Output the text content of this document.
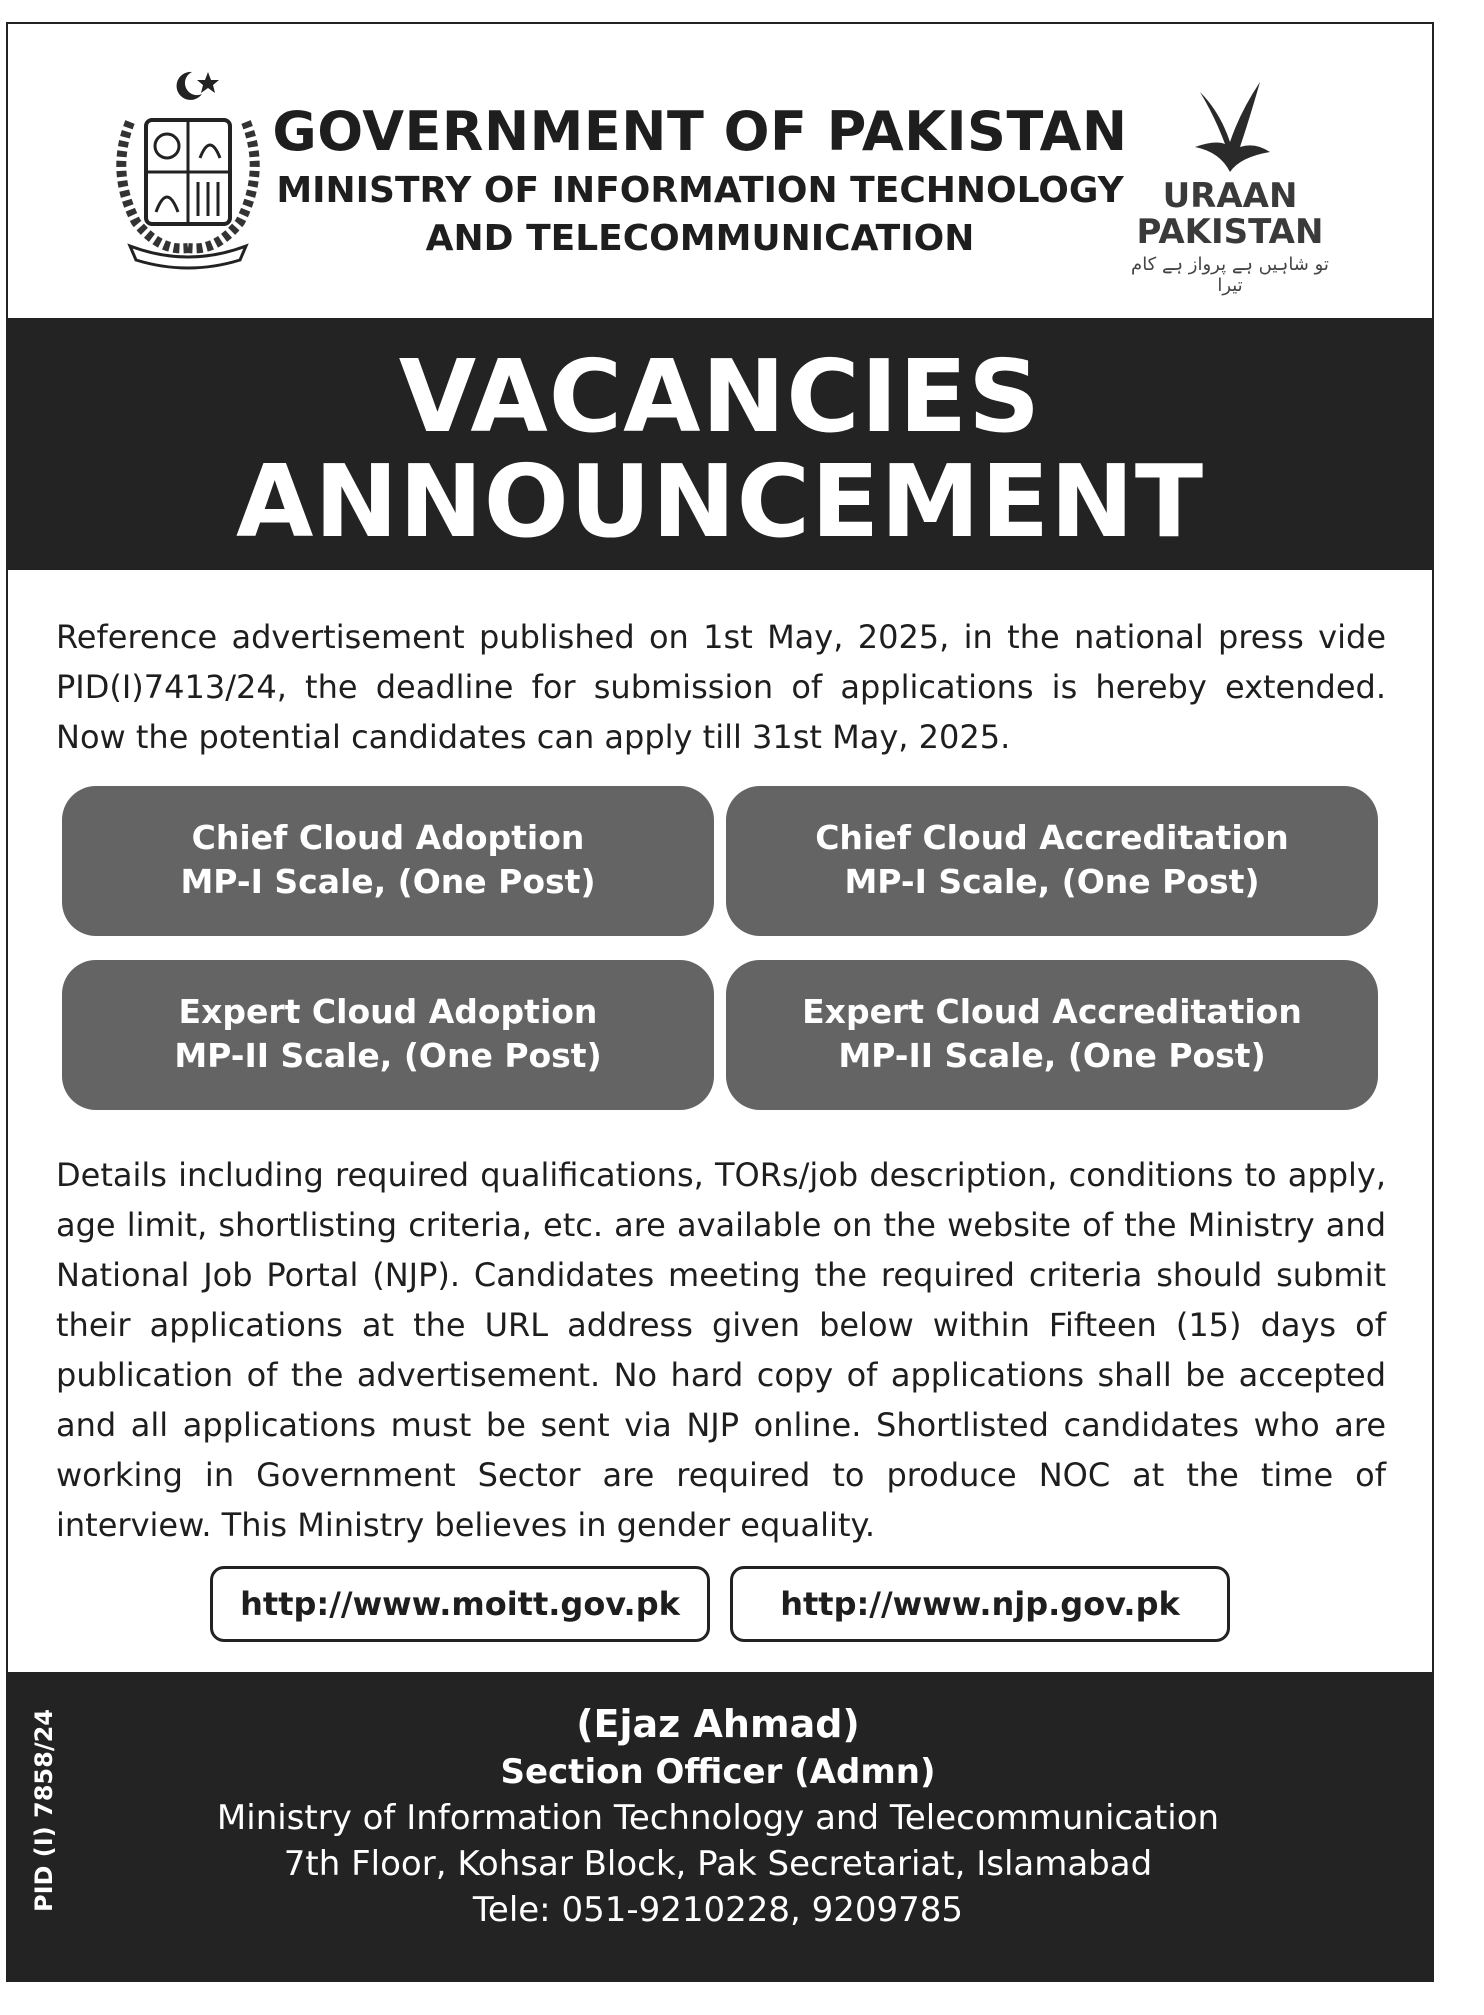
GOVERNMENT OF PAKISTAN
MINISTRY OF INFORMATION TECHNOLOGY
AND TELECOMMUNICATION
URAAN
PAKISTAN
تو شاہیں ہے پرواز ہے کام تیرا
VACANCIES
ANNOUNCEMENT
Reference advertisement published on 1st May, 2025, in the national press vide PID(I)7413/24, the deadline for submission of applications is hereby extended. Now the potential candidates can apply till 31st May, 2025.
Chief Cloud Adoption
MP-I Scale, (One Post)
Chief Cloud Accreditation
MP-I Scale, (One Post)
Expert Cloud Adoption
MP-II Scale, (One Post)
Expert Cloud Accreditation
MP-II Scale, (One Post)
Details including required qualifications, TORs/job description, conditions to apply, age limit, shortlisting criteria, etc. are available on the website of the Ministry and National Job Portal (NJP). Candidates meeting the required criteria should submit their applications at the URL address given below within Fifteen (15) days of publication of the advertisement. No hard copy of applications shall be accepted and all applications must be sent via NJP online. Shortlisted candidates who are working in Government Sector are required to produce NOC at the time of interview. This Ministry believes in gender equality.
http://www.moitt.gov.pk	http://www.njp.gov.pk
PID (I) 7858/24	(Ejaz Ahmad)
Section Officer (Admn)
Ministry of Information Technology and Telecommunication
7th Floor, Kohsar Block, Pak Secretariat, Islamabad
Tele: 051-9210228, 9209785
